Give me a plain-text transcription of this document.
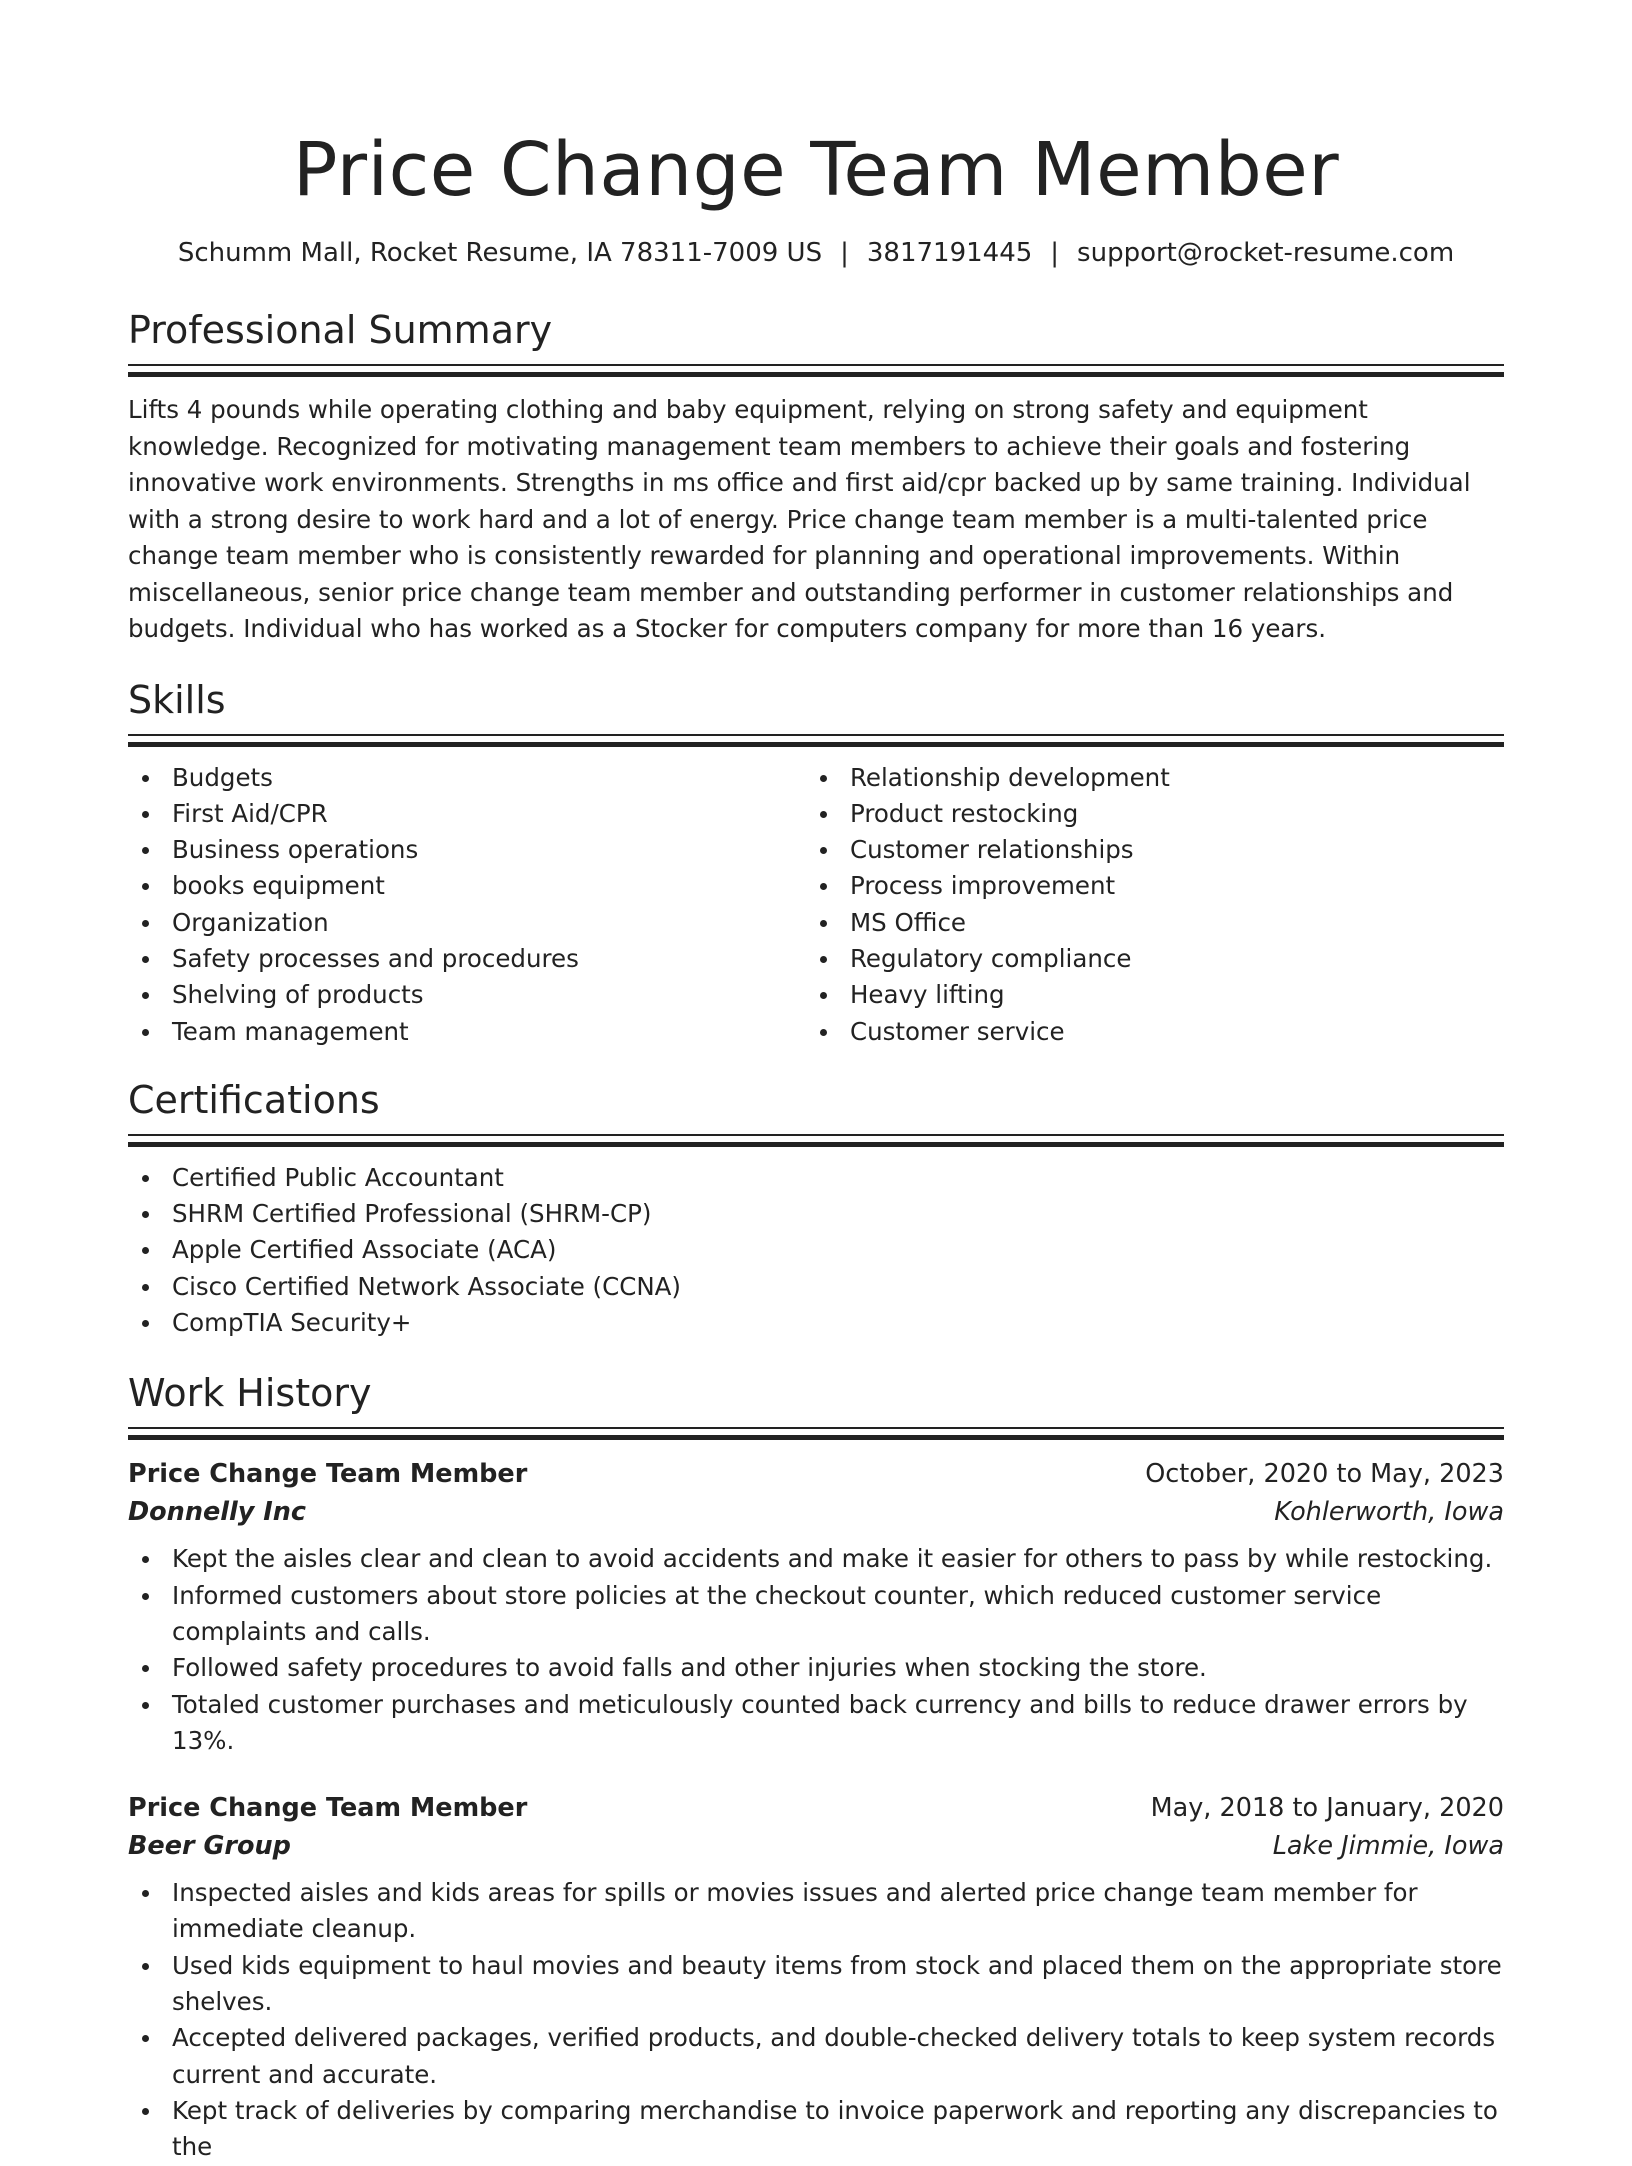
Price Change Team Member
Schumm Mall, Rocket Resume, IA 78311-7009 US | 3817191445 | support@rocket-resume.com
Professional Summary
Lifts 4 pounds while operating clothing and baby equipment, relying on strong safety and equipment knowledge. Recognized for motivating management team members to achieve their goals and fostering innovative work environments. Strengths in ms office and first aid/cpr backed up by same training. Individual with a strong desire to work hard and a lot of energy. Price change team member is a multi-talented price change team member who is consistently rewarded for planning and operational improvements. Within miscellaneous, senior price change team member and outstanding performer in customer relationships and budgets. Individual who has worked as a Stocker for computers company for more than 16 years.
Skills
Budgets
First Aid/CPR
Business operations
books equipment
Organization
Safety processes and procedures
Shelving of products
Team management
Relationship development
Product restocking
Customer relationships
Process improvement
MS Office
Regulatory compliance
Heavy lifting
Customer service
Certifications
Certified Public Accountant
SHRM Certified Professional (SHRM-CP)
Apple Certified Associate (ACA)
Cisco Certified Network Associate (CCNA)
CompTIA Security+
Work History
Price Change Team Member	October, 2020 to May, 2023
Donnelly Inc	Kohlerworth, Iowa
Kept the aisles clear and clean to avoid accidents and make it easier for others to pass by while restocking.
Informed customers about store policies at the checkout counter, which reduced customer service complaints and calls.
Followed safety procedures to avoid falls and other injuries when stocking the store.
Totaled customer purchases and meticulously counted back currency and bills to reduce drawer errors by 13%.
Price Change Team Member	May, 2018 to January, 2020
Beer Group	Lake Jimmie, Iowa
Inspected aisles and kids areas for spills or movies issues and alerted price change team member for immediate cleanup.
Used kids equipment to haul movies and beauty items from stock and placed them on the appropriate store shelves.
Accepted delivered packages, verified products, and double-checked delivery totals to keep system records current and accurate.
Kept track of deliveries by comparing merchandise to invoice paperwork and reporting any discrepancies to the
